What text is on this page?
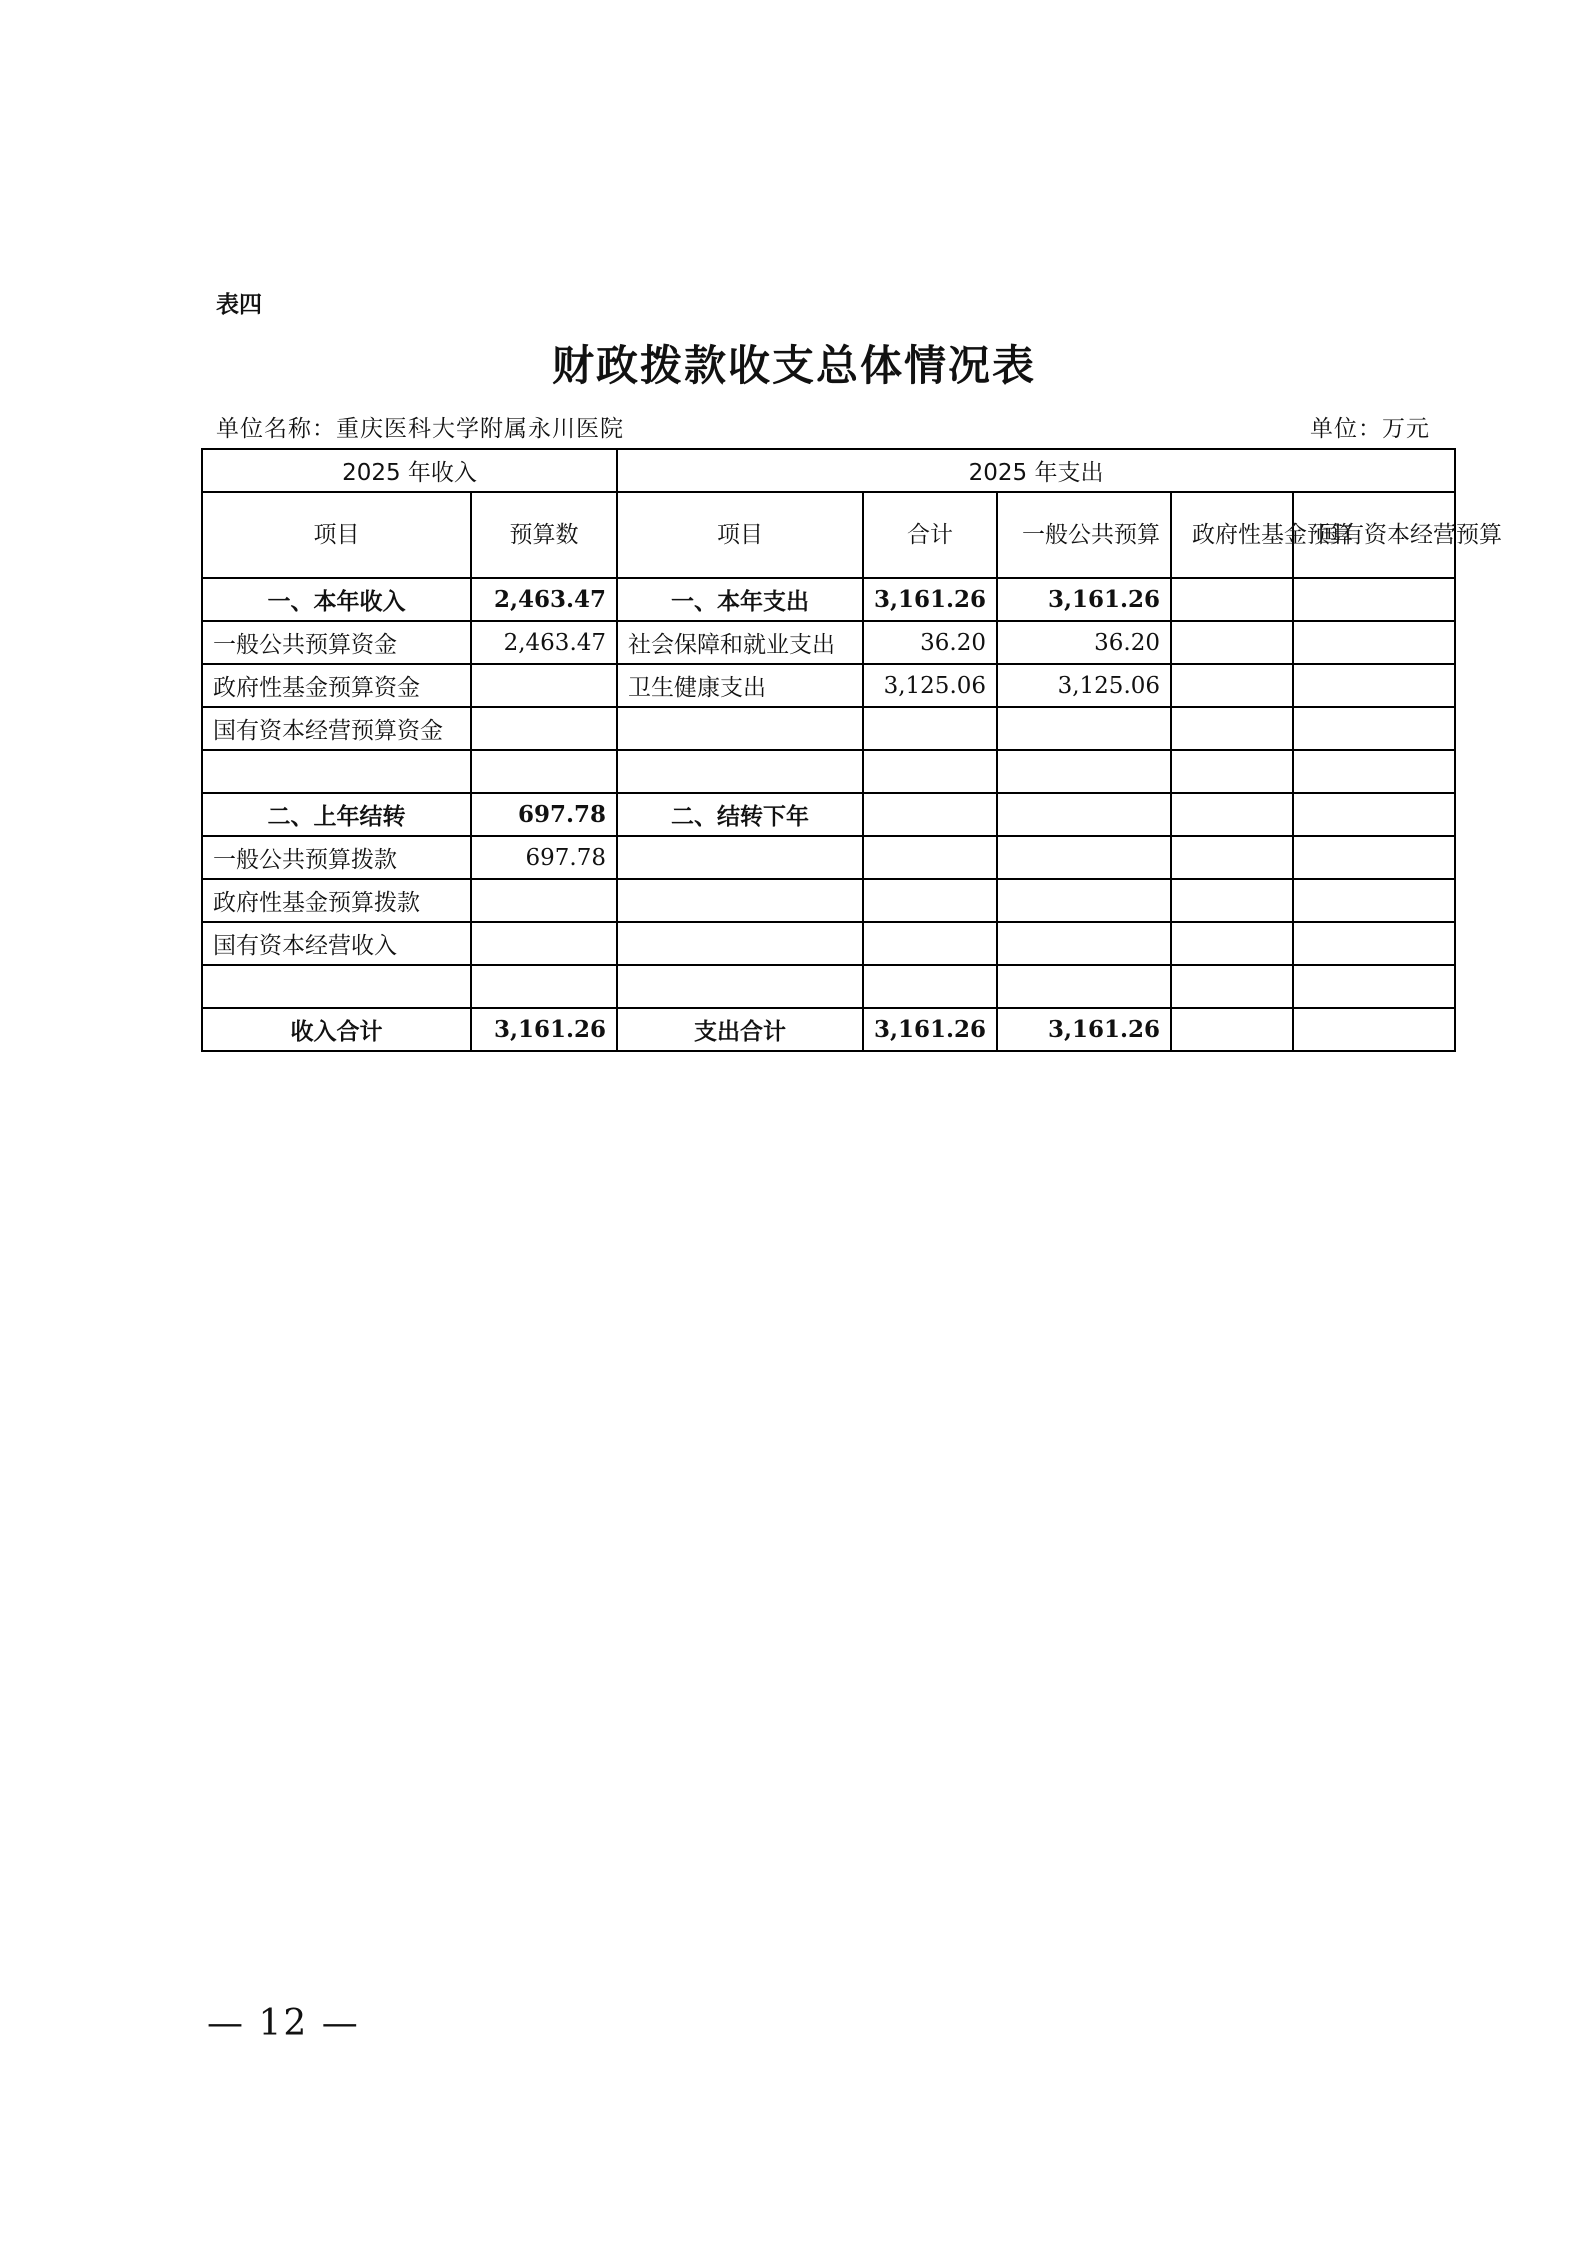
表四
财政拨款收支总体情况表
单位名称：重庆医科大学附属永川医院	单位：万元
2025 年收入		2025 年支出				
项目	预算数	项目	合计	一般公共预算	政府性基金预算	国有资本经营预算
一、本年收入	2,463.47	一、本年支出	3,161.26	3,161.26		
一般公共预算资金	2,463.47	社会保障和就业支出	36.20	36.20		
政府性基金预算资金		卫生健康支出	3,125.06	3,125.06		
国有资本经营预算资金						

二、上年结转	697.78	二、结转下年				
一般公共预算拨款	697.78					
政府性基金预算拨款						
国有资本经营收入						

收入合计	3,161.26	支出合计	3,161.26	3,161.26		
— 12 —
